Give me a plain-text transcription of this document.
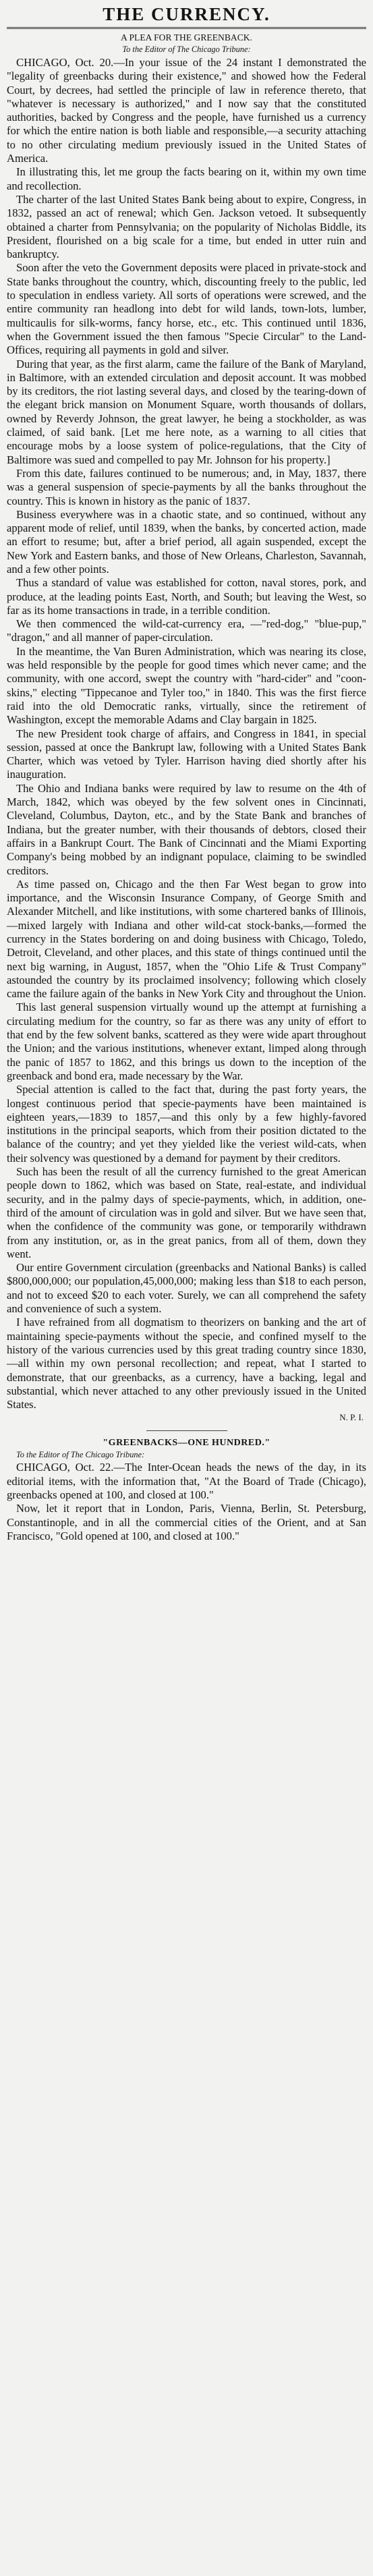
THE CURRENCY.
A PLEA FOR THE GREENBACK.
To the Editor of The Chicago Tribune:

CHICAGO, Oct. 20.—In your issue of the 24 instant I demonstrated the "legality of greenbacks during their existence," and showed how the Federal Court, by decrees, had settled the principle of law in reference thereto, that "whatever is necessary is authorized," and I now say that the constituted authorities, backed by Congress and the people, have furnished us a currency for which the entire nation is both liable and responsible,—a security attaching to no other circulating medium previously issued in the United States of America.

In illustrating this, let me group the facts bearing on it, within my own time and recollection.

The charter of the last United States Bank being about to expire, Congress, in 1832, passed an act of renewal; which Gen. Jackson vetoed. It subsequently obtained a charter from Pennsylvania; on the popularity of Nicholas Biddle, its President, flourished on a big scale for a time, but ended in utter ruin and bankruptcy.

Soon after the veto the Government deposits were placed in private-stock and State banks throughout the country, which, discounting freely to the public, led to speculation in endless variety. All sorts of operations were screwed, and the entire community ran headlong into debt for wild lands, town-lots, lumber, multicaulis for silk-worms, fancy horse, etc., etc. This continued until 1836, when the Government issued the then famous "Specie Circular" to the Land-Offices, requiring all payments in gold and silver.

During that year, as the first alarm, came the failure of the Bank of Maryland, in Baltimore, with an extended circulation and deposit account. It was mobbed by its creditors, the riot lasting several days, and closed by the tearing-down of the elegant brick mansion on Monument Square, worth thousands of dollars, owned by Reverdy Johnson, the great lawyer, he being a stockholder, as was claimed, of said bank. [Let me here note, as a warning to all cities that encourage mobs by a loose system of police-regulations, that the City of Baltimore was sued and compelled to pay Mr. Johnson for his property.]

From this date, failures continued to be numerous; and, in May, 1837, there was a general suspension of specie-payments by all the banks throughout the country. This is known in history as the panic of 1837.

Business everywhere was in a chaotic state, and so continued, without any apparent mode of relief, until 1839, when the banks, by concerted action, made an effort to resume; but, after a brief period, all again suspended, except the New York and Eastern banks, and those of New Orleans, Charleston, Savannah, and a few other points.

Thus a standard of value was established for cotton, naval stores, pork, and produce, at the leading points East, North, and South; but leaving the West, so far as its home transactions in trade, in a terrible condition.

We then commenced the wild-cat-currency era, —"red-dog," "blue-pup," "dragon," and all manner of paper-circulation.

In the meantime, the Van Buren Administration, which was nearing its close, was held responsible by the people for good times which never came; and the community, with one accord, swept the country with "hard-cider" and "coon-skins," electing "Tippecanoe and Tyler too," in 1840. This was the first fierce raid into the old Democratic ranks, virtually, since the retirement of Washington, except the memorable Adams and Clay bargain in 1825.

The new President took charge of affairs, and Congress in 1841, in special session, passed at once the Bankrupt law, following with a United States Bank Charter, which was vetoed by Tyler. Harrison having died shortly after his inauguration.

The Ohio and Indiana banks were required by law to resume on the 4th of March, 1842, which was obeyed by the few solvent ones in Cincinnati, Cleveland, Columbus, Dayton, etc., and by the State Bank and branches of Indiana, but the greater number, with their thousands of debtors, closed their affairs in a Bankrupt Court. The Bank of Cincinnati and the Miami Exporting Company's being mobbed by an indignant populace, claiming to be swindled creditors.

As time passed on, Chicago and the then Far West began to grow into importance, and the Wisconsin Insurance Company, of George Smith and Alexander Mitchell, and like institutions, with some chartered banks of Illinois,—mixed largely with Indiana and other wild-cat stock-banks,—formed the currency in the States bordering on and doing business with Chicago, Toledo, Detroit, Cleveland, and other places, and this state of things continued until the next big warning, in August, 1857, when the "Ohio Life & Trust Company" astounded the country by its proclaimed insolvency; following which closely came the failure again of the banks in New York City and throughout the Union.

This last general suspension virtually wound up the attempt at furnishing a circulating medium for the country, so far as there was any unity of effort to that end by the few solvent banks, scattered as they were wide apart throughout the Union; and the various institutions, whenever extant, limped along through the panic of 1857 to 1862, and this brings us down to the inception of the greenback and bond era, made necessary by the War.

Special attention is called to the fact that, during the past forty years, the longest continuous period that specie-payments have been maintained is eighteen years,—1839 to 1857,—and this only by a few highly-favored institutions in the principal seaports, which from their position dictated to the balance of the country; and yet they yielded like the veriest wild-cats, when their solvency was questioned by a demand for payment by their creditors.

Such has been the result of all the currency furnished to the great American people down to 1862, which was based on State, real-estate, and individual security, and in the palmy days of specie-payments, which, in addition, one-third of the amount of circulation was in gold and silver. But we have seen that, when the confidence of the community was gone, or temporarily withdrawn from any institution, or, as in the great panics, from all of them, down they went.

Our entire Government circulation (greenbacks and National Banks) is called $800,000,000; our population,45,000,000; making less than $18 to each person, and not to exceed $20 to each voter. Surely, we can all comprehend the safety and convenience of such a system.

I have refrained from all dogmatism to theorizers on banking and the art of maintaining specie-payments without the specie, and confined myself to the history of the various currencies used by this great trading country since 1830,—all within my own personal recollection; and repeat, what I started to demonstrate, that our greenbacks, as a currency, have a backing, legal and substantial, which never attached to any other previously issued in the United States.

N. P. I.
"GREENBACKS—ONE HUNDRED."
To the Editor of The Chicago Tribune:

CHICAGO, Oct. 22.—The Inter-Ocean heads the news of the day, in its editorial items, with the information that, "At the Board of Trade (Chicago), greenbacks opened at 100, and closed at 100."

Now, let it report that in London, Paris, Vienna, Berlin, St. Petersburg, Constantinople, and in all the commercial cities of the Orient, and at San Francisco, "Gold opened at 100, and closed at 100."
